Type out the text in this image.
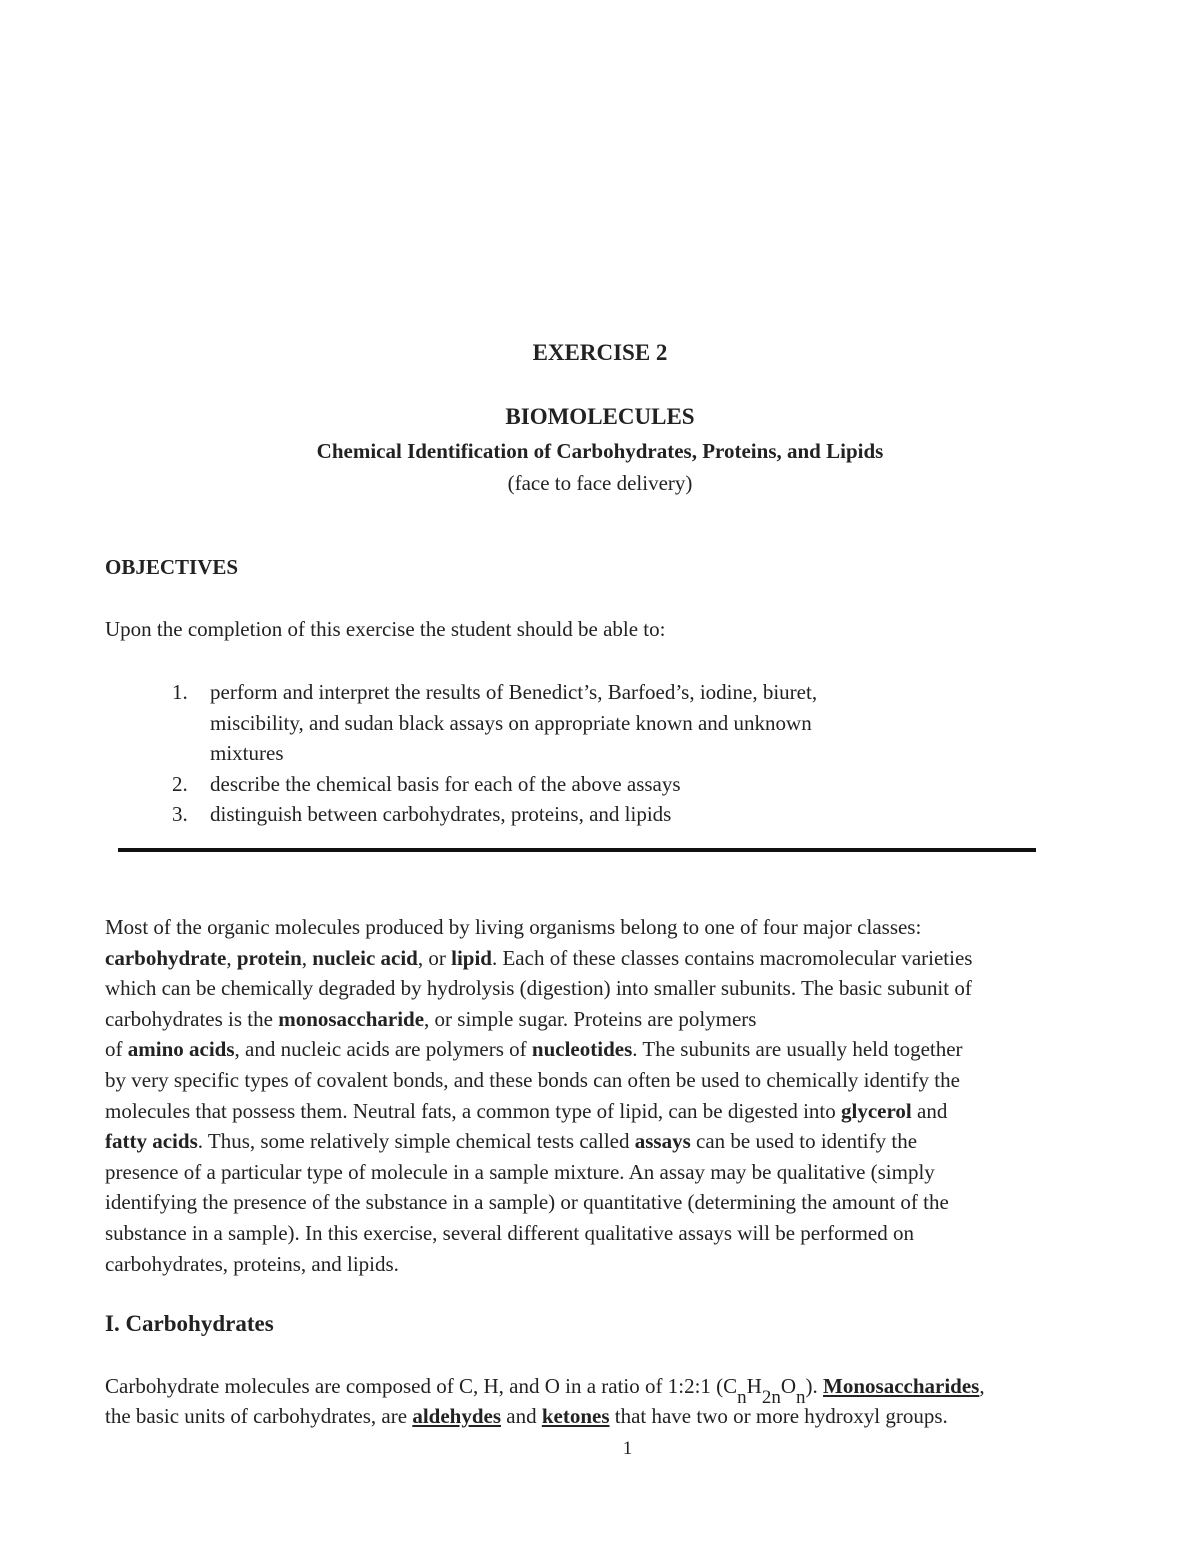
EXERCISE 2
BIOMOLECULES
Chemical Identification of Carbohydrates, Proteins, and Lipids
(face to face delivery)
OBJECTIVES
Upon the completion of this exercise the student should be able to:
1. perform and interpret the results of Benedict’s, Barfoed’s, iodine, biuret,
miscibility, and sudan black assays on appropriate known and unknown
mixtures
2. describe the chemical basis for each of the above assays
3. distinguish between carbohydrates, proteins, and lipids
Most of the organic molecules produced by living organisms belong to one of four major classes:
carbohydrate, protein, nucleic acid, or lipid. Each of these classes contains macromolecular varieties
which can be chemically degraded by hydrolysis (digestion) into smaller subunits. The basic subunit of
carbohydrates is the monosaccharide, or simple sugar. Proteins are polymers
of amino acids, and nucleic acids are polymers of nucleotides. The subunits are usually held together
by very specific types of covalent bonds, and these bonds can often be used to chemically identify the
molecules that possess them. Neutral fats, a common type of lipid, can be digested into glycerol and
fatty acids. Thus, some relatively simple chemical tests called assays can be used to identify the
presence of a particular type of molecule in a sample mixture. An assay may be qualitative (simply
identifying the presence of the substance in a sample) or quantitative (determining the amount of the
substance in a sample). In this exercise, several different qualitative assays will be performed on
carbohydrates, proteins, and lipids.
I. Carbohydrates
Carbohydrate molecules are composed of C, H, and O in a ratio of 1:2:1 (CnH2nOn). Monosaccharides,
the basic units of carbohydrates, are aldehydes and ketones that have two or more hydroxyl groups.
1
